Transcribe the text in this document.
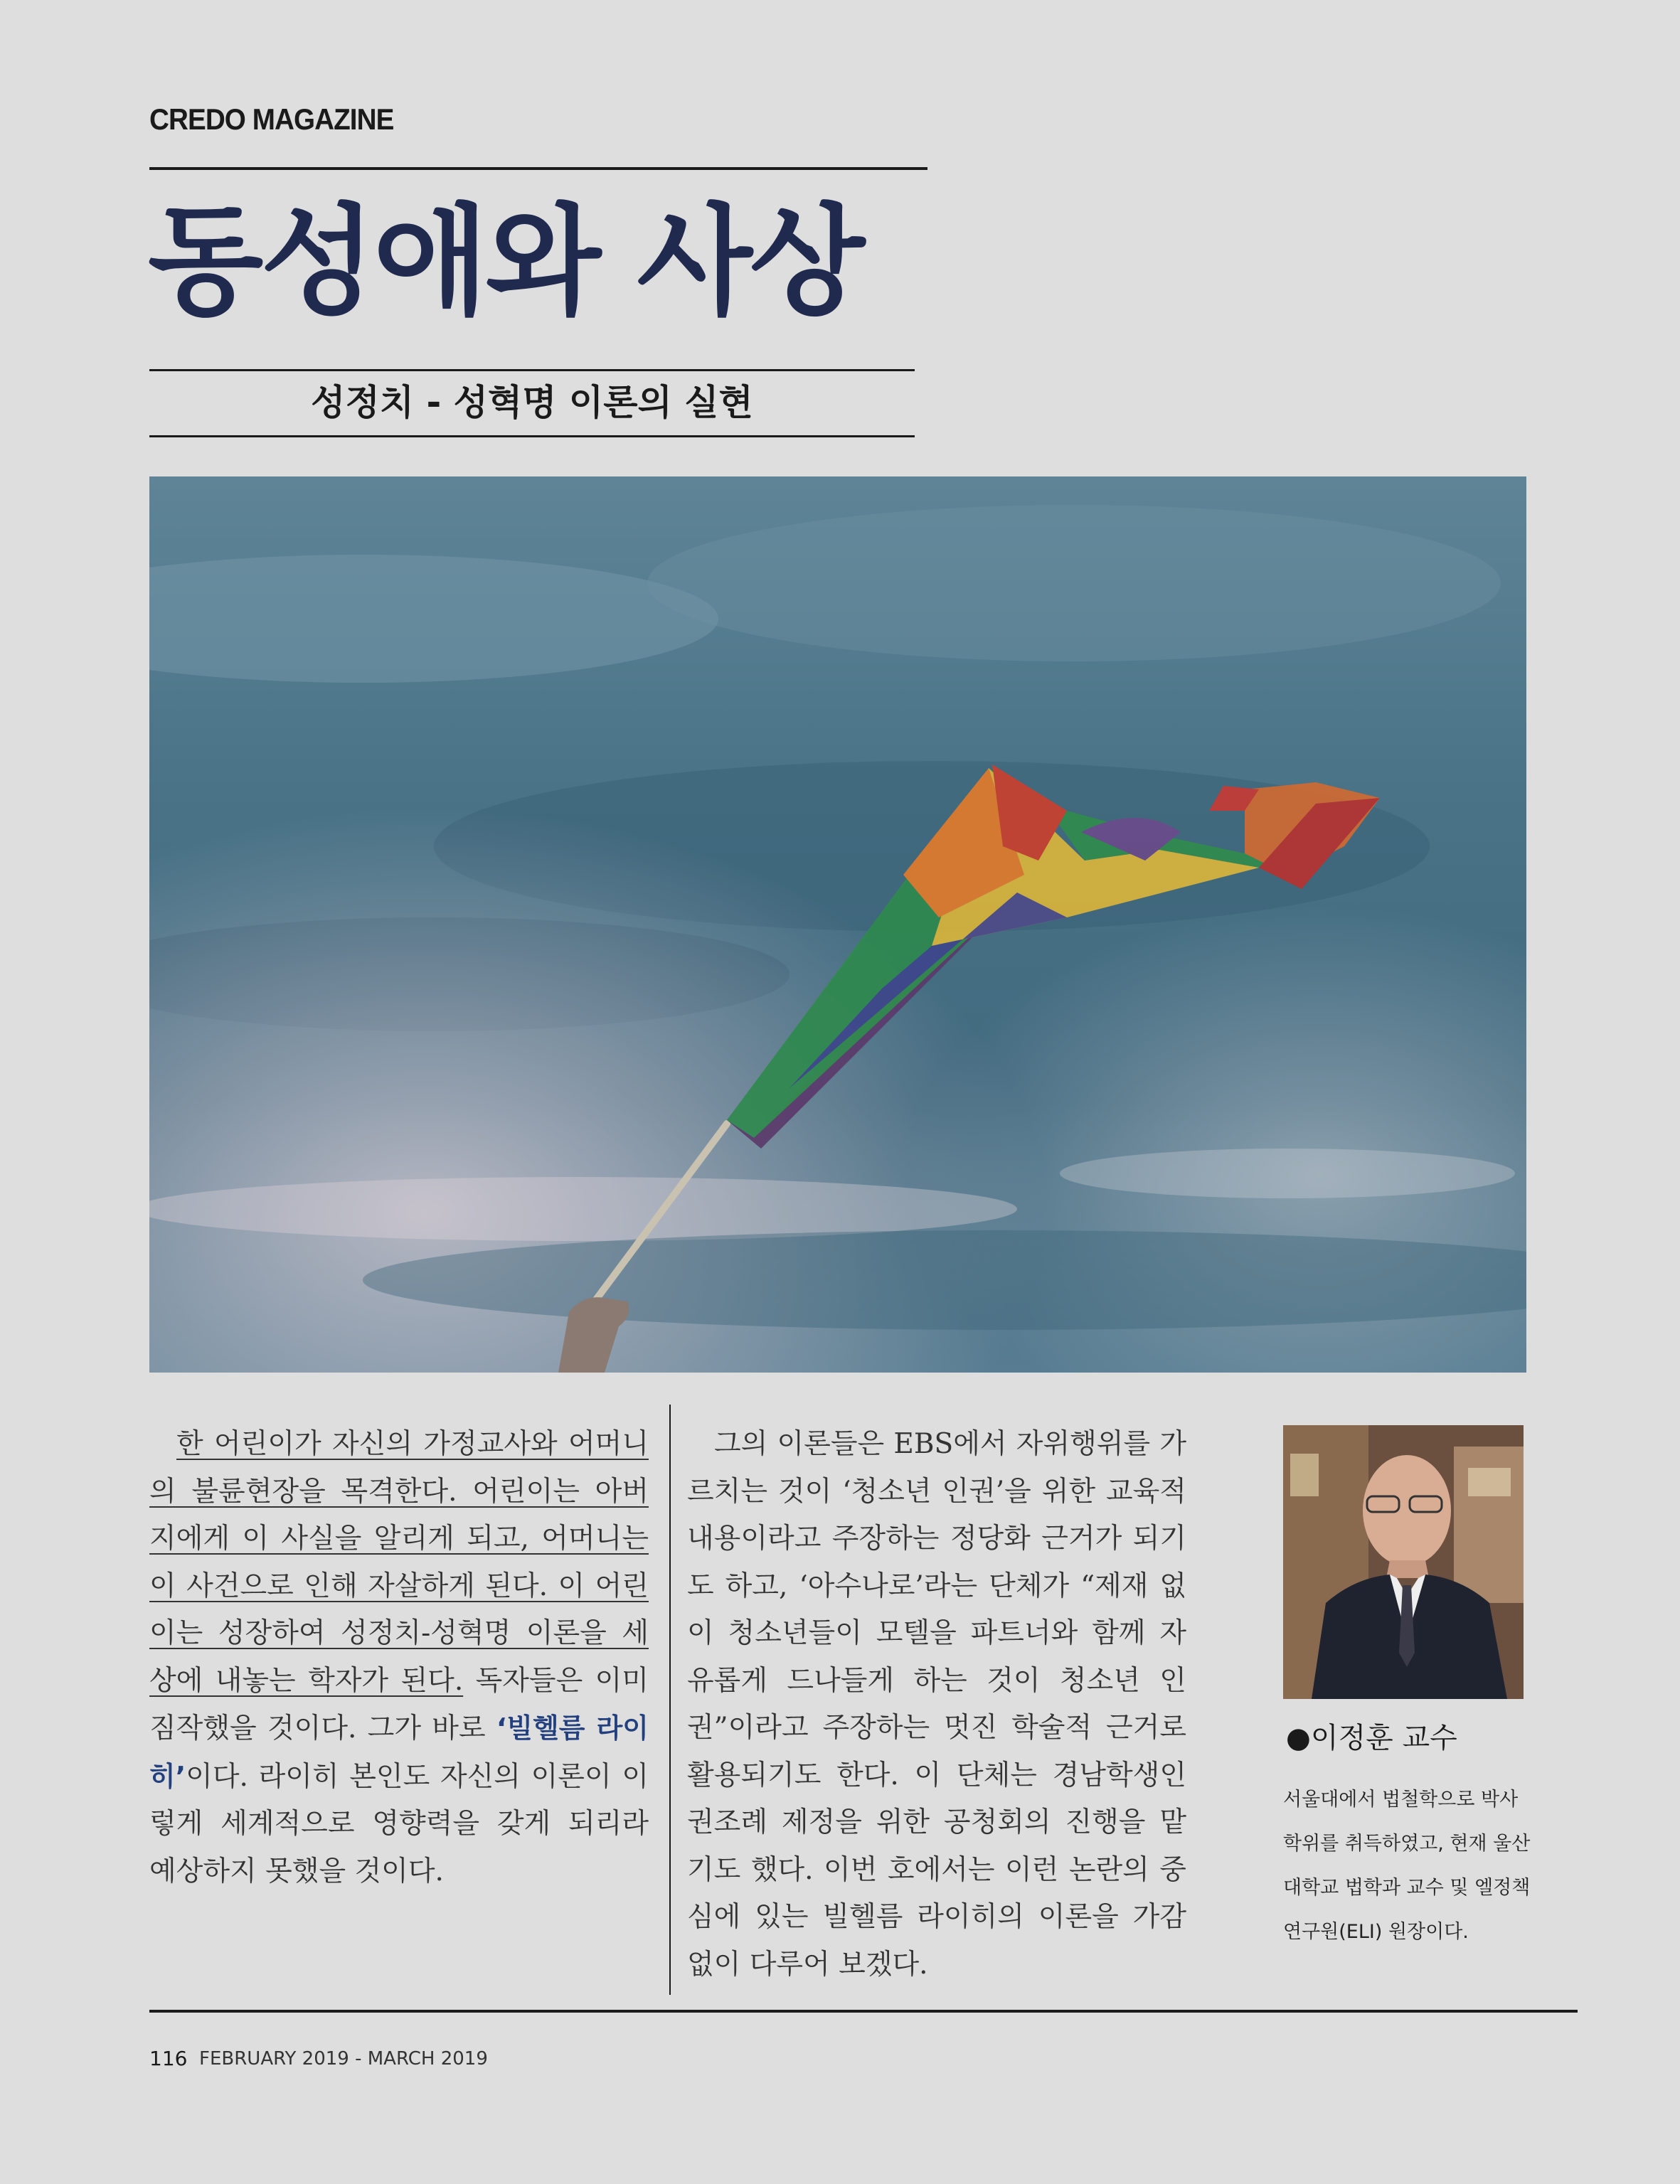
CREDO MAGAZINE
동성애와 사상
성정치 - 성혁명 이론의 실현

한 어린이가 자신의 가정교사와 어머니의 불륜현장을 목격한다. 어린이는 아버지에게 이 사실을 알리게 되고, 어머니는 이 사건으로 인해 자살하게 된다. 이 어린이는 성장하여 성정치-성혁명 이론을 세상에 내놓는 학자가 된다. 독자들은 이미 짐작했을 것이다. 그가 바로 ‘빌헬름 라이히’이다. 라이히 본인도 자신의 이론이 이렇게 세계적으로 영향력을 갖게 되리라 예상하지 못했을 것이다.

그의 이론들은 EBS에서 자위행위를 가르치는 것이 ‘청소년 인권’을 위한 교육적 내용이라고 주장하는 정당화 근거가 되기도 하고, ‘아수나로’라는 단체가 “제재 없이 청소년들이 모텔을 파트너와 함께 자유롭게 드나들게 하는 것이 청소년 인권”이라고 주장하는 멋진 학술적 근거로 활용되기도 한다. 이 단체는 경남학생인권조례 제정을 위한 공청회의 진행을 맡기도 했다. 이번 호에서는 이런 논란의 중심에 있는 빌헬름 라이히의 이론을 가감 없이 다루어 보겠다.

●이정훈 교수
서울대에서 법철학으로 박사학위를 취득하였고, 현재 울산대학교 법학과 교수 및 엘정책연구원(ELI) 원장이다.
116 FEBRUARY 2019 - MARCH 2019
